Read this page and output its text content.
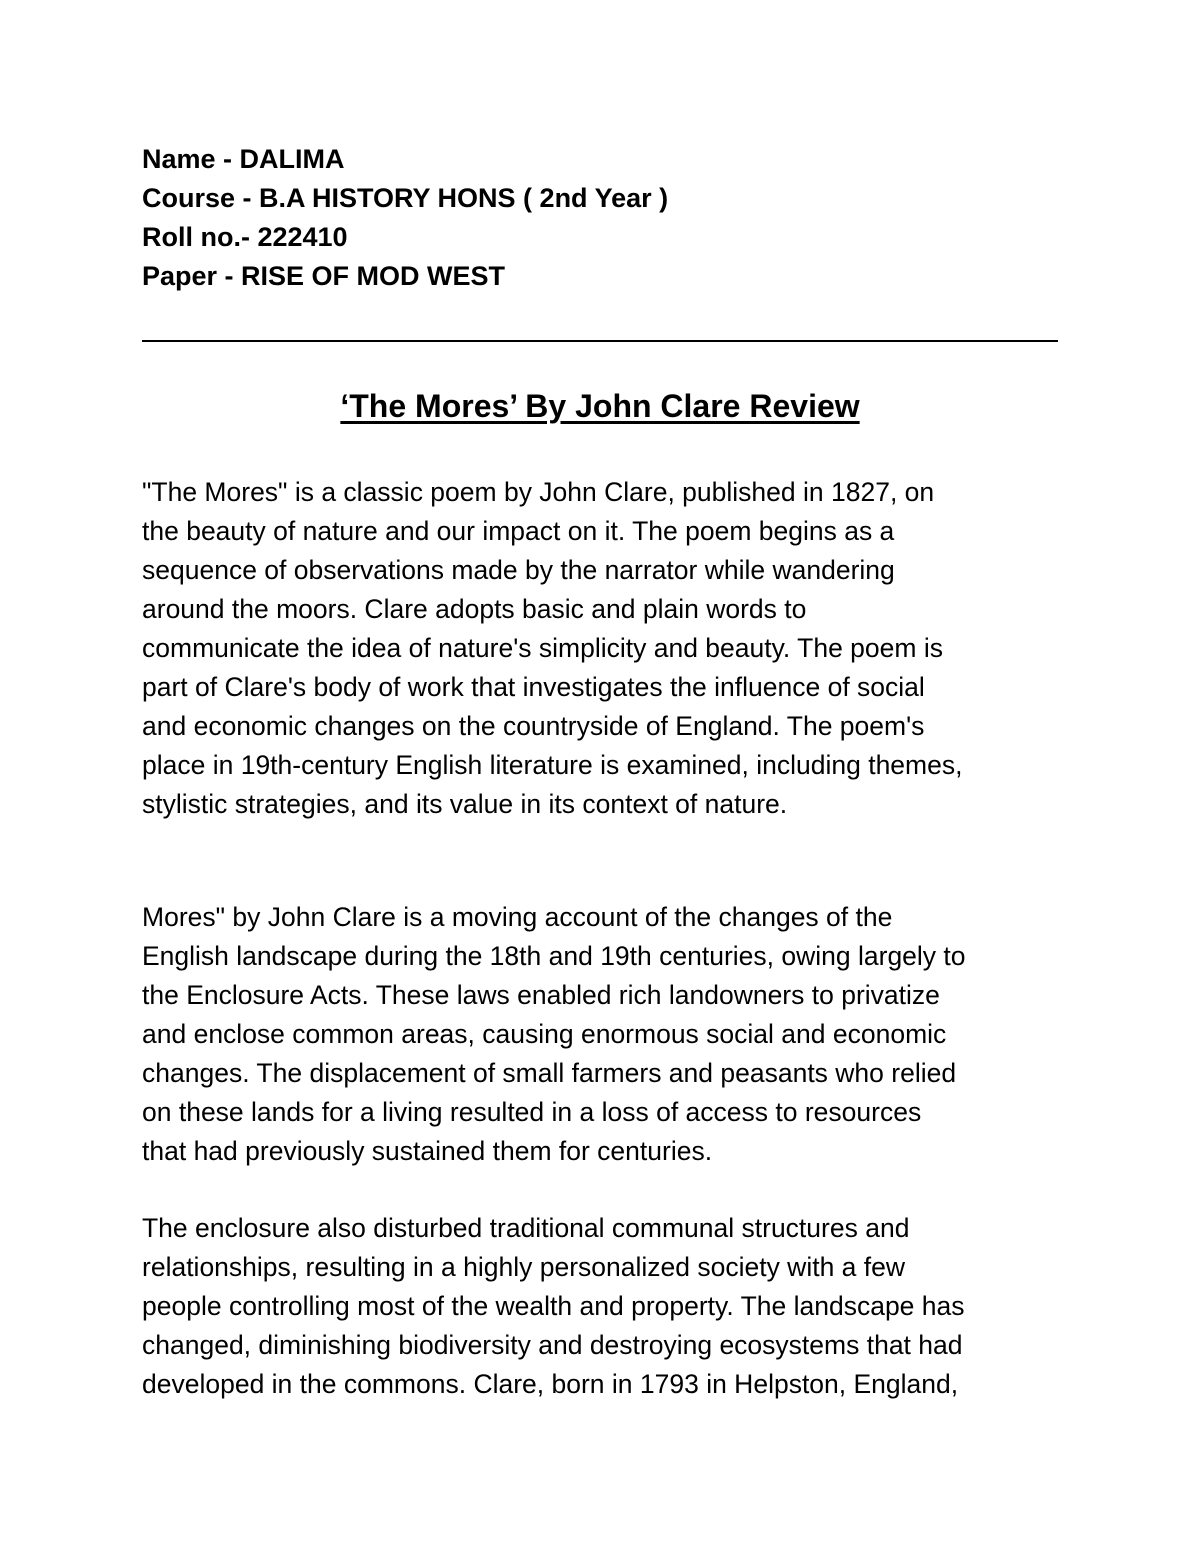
Name - DALIMA
Course - B.A HISTORY HONS ( 2nd Year )
Roll no.- 222410
Paper - RISE OF MOD WEST
‘The Mores’ By John Clare Review

"The Mores" is a classic poem by John Clare, published in 1827, on
the beauty of nature and our impact on it. The poem begins as a
sequence of observations made by the narrator while wandering
around the moors. Clare adopts basic and plain words to
communicate the idea of nature's simplicity and beauty. The poem is
part of Clare's body of work that investigates the influence of social
and economic changes on the countryside of England. The poem's
place in 19th-century English literature is examined, including themes,
stylistic strategies, and its value in its context of nature.

Mores" by John Clare is a moving account of the changes of the
English landscape during the 18th and 19th centuries, owing largely to
the Enclosure Acts. These laws enabled rich landowners to privatize
and enclose common areas, causing enormous social and economic
changes. The displacement of small farmers and peasants who relied
on these lands for a living resulted in a loss of access to resources
that had previously sustained them for centuries.

The enclosure also disturbed traditional communal structures and
relationships, resulting in a highly personalized society with a few
people controlling most of the wealth and property. The landscape has
changed, diminishing biodiversity and destroying ecosystems that had
developed in the commons. Clare, born in 1793 in Helpston, England,
